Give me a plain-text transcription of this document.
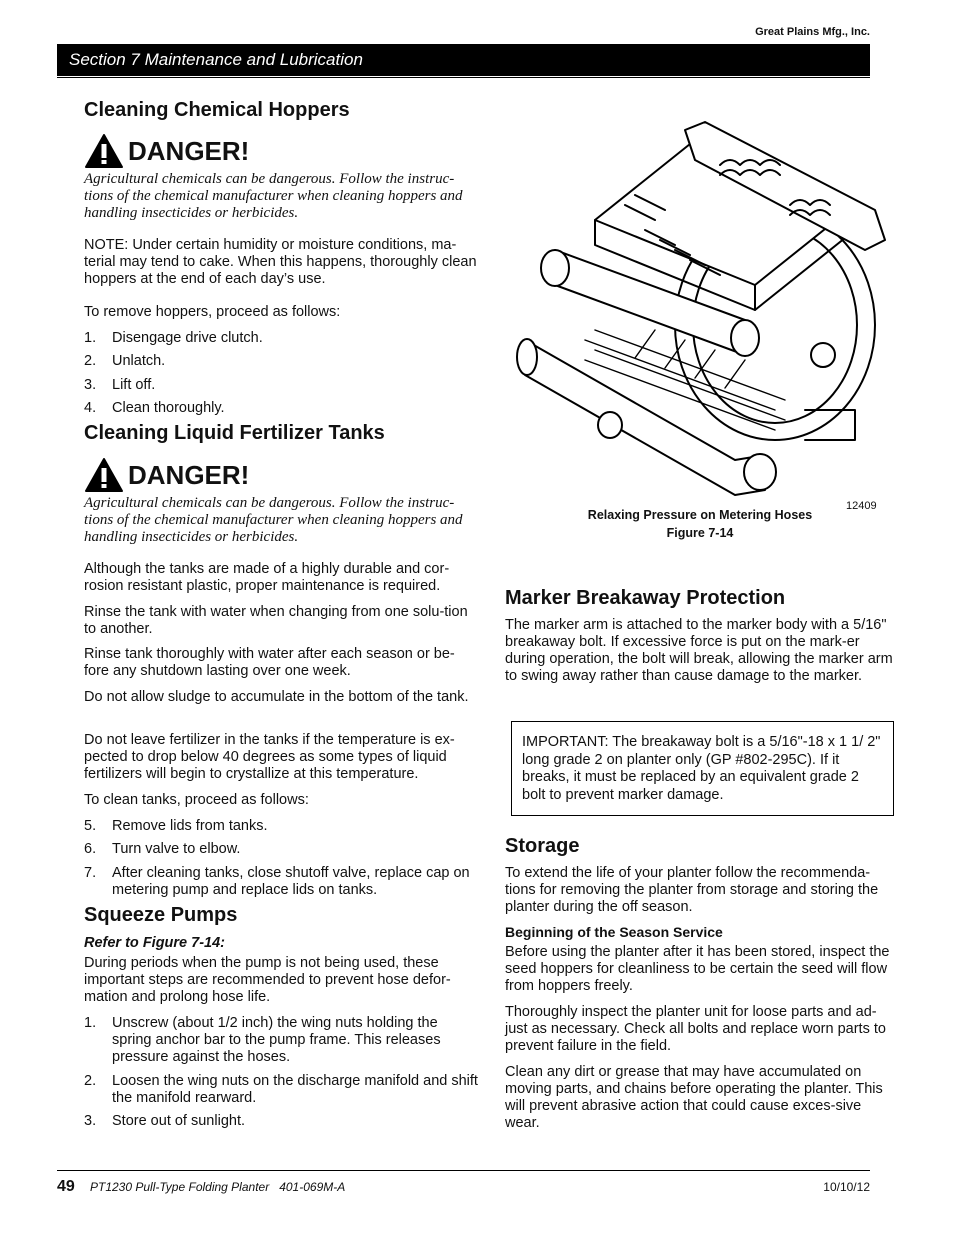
Great Plains Mfg., Inc.
Section 7 Maintenance and Lubrication
Cleaning Chemical Hoppers
DANGER!
Agricultural chemicals can be dangerous. Follow the instruc-tions of the chemical manufacturer when cleaning hoppers and handling insecticides or herbicides.
NOTE: Under certain humidity or moisture conditions, ma-terial may tend to cake. When this happens, thoroughly clean hoppers at the end of each day’s use.
To remove hoppers, proceed as follows:
1.	Disengage drive clutch.
2.	Unlatch.
3.	Lift off.
4.	Clean thoroughly.
Cleaning Liquid Fertilizer Tanks
DANGER!
Agricultural chemicals can be dangerous. Follow the instruc-tions of the chemical manufacturer when cleaning hoppers and handling insecticides or herbicides.
Although the tanks are made of a highly durable and cor-rosion resistant plastic, proper maintenance is required.
Rinse the tank with water when changing from one solu-tion to another.
Rinse tank thoroughly with water after each season or be-fore any shutdown lasting over one week.
Do not allow sludge to accumulate in the bottom of the tank.
Do not leave fertilizer in the tanks if the temperature is ex-pected to drop below 40 degrees as some types of liquid fertilizers will begin to crystallize at this temperature.
To clean tanks, proceed as follows:
5.	Remove lids from tanks.
6.	Turn valve to elbow.
7.	After cleaning tanks, close shutoff valve, replace cap on metering pump and replace lids on tanks.
Squeeze Pumps
Refer to Figure 7-14:
During periods when the pump is not being used, these important steps are recommended to prevent hose defor-mation and prolong hose life.
1.	Unscrew (about 1/2 inch) the wing nuts holding the spring anchor bar to the pump frame. This releases pressure against the hoses.
2.	Loosen the wing nuts on the discharge manifold and shift the manifold rearward.
3.	Store out of sunlight.
12409
Relaxing Pressure on Metering Hoses
Figure 7-14
Marker Breakaway Protection
The marker arm is attached to the marker body with a 5/16" breakaway bolt. If excessive force is put on the mark-er during operation, the bolt will break, allowing the marker arm to swing away rather than cause damage to the marker.
IMPORTANT: The breakaway bolt is a 5/16"-18 x 1 1/ 2" long grade 2 on planter only (GP #802-295C). If it breaks, it must be replaced by an equivalent grade 2 bolt to prevent marker damage.
Storage
To extend the life of your planter follow the recommenda-tions for removing the planter from storage and storing the planter during the off season.
Beginning of the Season Service
Before using the planter after it has been stored, inspect the seed hoppers for cleanliness to be certain the seed will flow from hoppers freely.
Thoroughly inspect the planter unit for loose parts and ad-just as necessary. Check all bolts and replace worn parts to prevent failure in the field.
Clean any dirt or grease that may have accumulated on moving parts, and chains before operating the planter. This will prevent abrasive action that could cause exces-sive wear.
49 PT1230 Pull-Type Folding Planter   401-069M-A	10/10/12
